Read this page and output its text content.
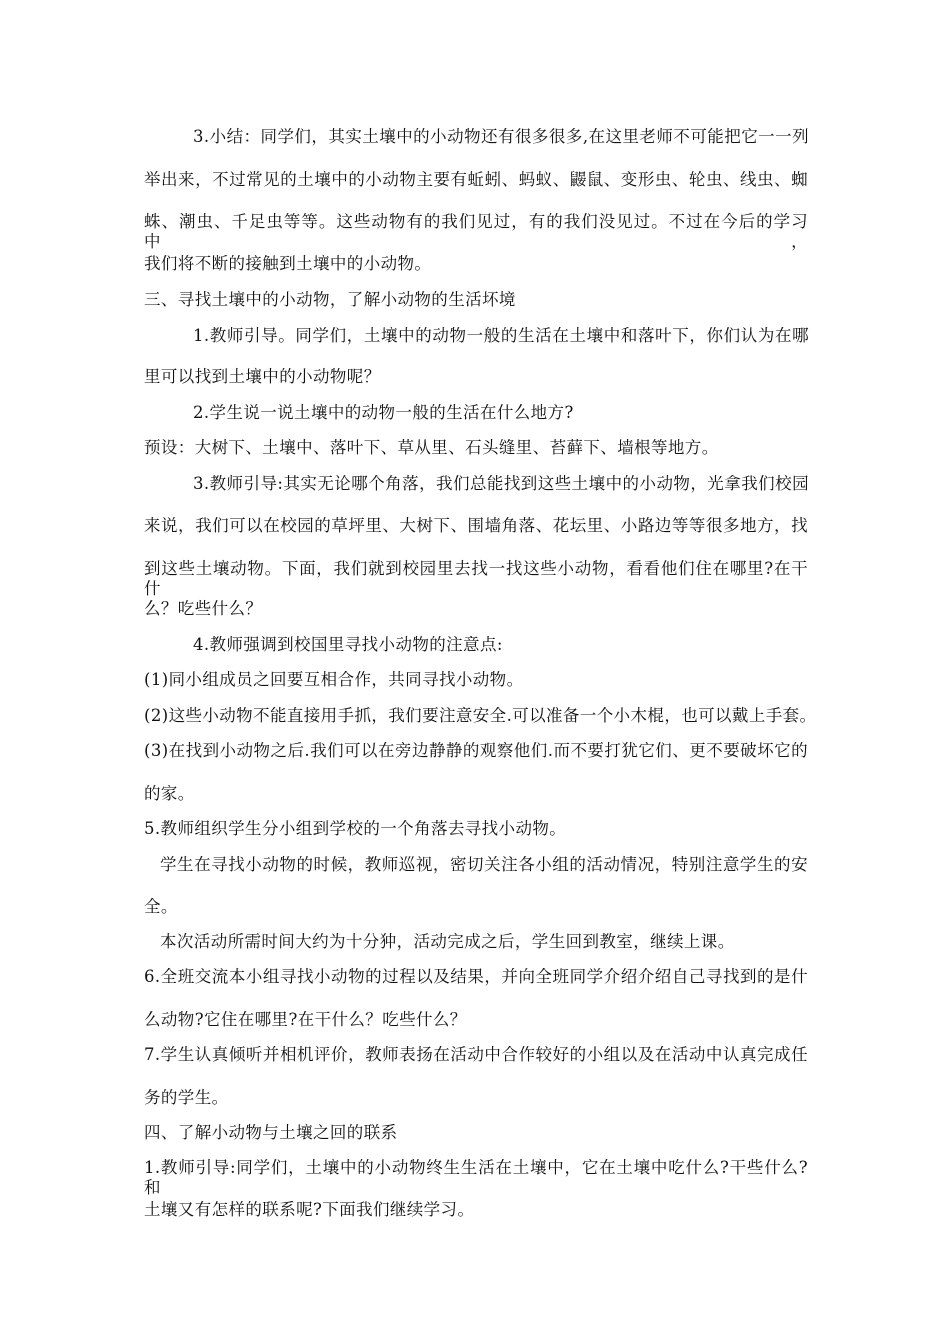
3.小结：同学们，其实土壤中的小动物还有很多很多,在这里老师不可能把它一一列
举出来，不过常见的土壤中的小动物主要有蚯蚓、蚂蚁、鼹鼠、变形虫、轮虫、线虫、蜘
蛛、潮虫、千足虫等等。这些动物有的我们见过，有的我们没见过。不过在今后的学习中，
我们将不断的接触到土壤中的小动物。
三、寻找土壤中的小动物，了解小动物的生活坏境
1.教师引导。同学们，土壤中的动物一般的生活在土壤中和落叶下，你们认为在哪
里可以找到土壤中的小动物呢？
2.学生说一说土壤中的动物一般的生活在什么地方?
预设：大树下、土壤中、落叶下、草从里、石头缝里、苔藓下、墙根等地方。
3.教师引导:其实无论哪个角落，我们总能找到这些土壤中的小动物，光拿我们校园
来说，我们可以在校园的草坪里、大树下、围墙角落、花坛里、小路边等等很多地方，找
到这些土壤动物。下面，我们就到校园里去找一找这些小动物，看看他们住在哪里?在干什
么？吃些什么？
4.教师强调到校国里寻找小动物的注意点:
(1)同小组成员之回要互相合作，共同寻找小动物。
(2)这些小动物不能直接用手抓，我们要注意安全.可以准备一个小木棍，也可以戴上手套。
(3)在找到小动物之后.我们可以在旁边静静的观察他们.而不要打犹它们、更不要破坏它的
的家。
5.教师组织学生分小组到学校的一个角落去寻找小动物。
学生在寻找小动物的时候，教师巡视，密切关注各小组的活动情况，特别注意学生的安
全。
本次活动所需时间大约为十分狆，活动完成之后，学生回到教室，继续上课。
6.全班交流本小组寻找小动物的过程以及结果，并向全班同学介绍介绍自己寻找到的是什
么动物?它住在哪里?在干什么？吃些什么？
7.学生认真倾听并相机评价，教师表扬在活动中合作较好的小组以及在活动中认真完成任
务的学生。
四、了解小动物与土壤之回的联系
1.教师引导:同学们，土壤中的小动物终生生活在土壤中，它在土壤中吃什么?干些什么?和
土壤又有怎样的联系呢?下面我们继续学习。
